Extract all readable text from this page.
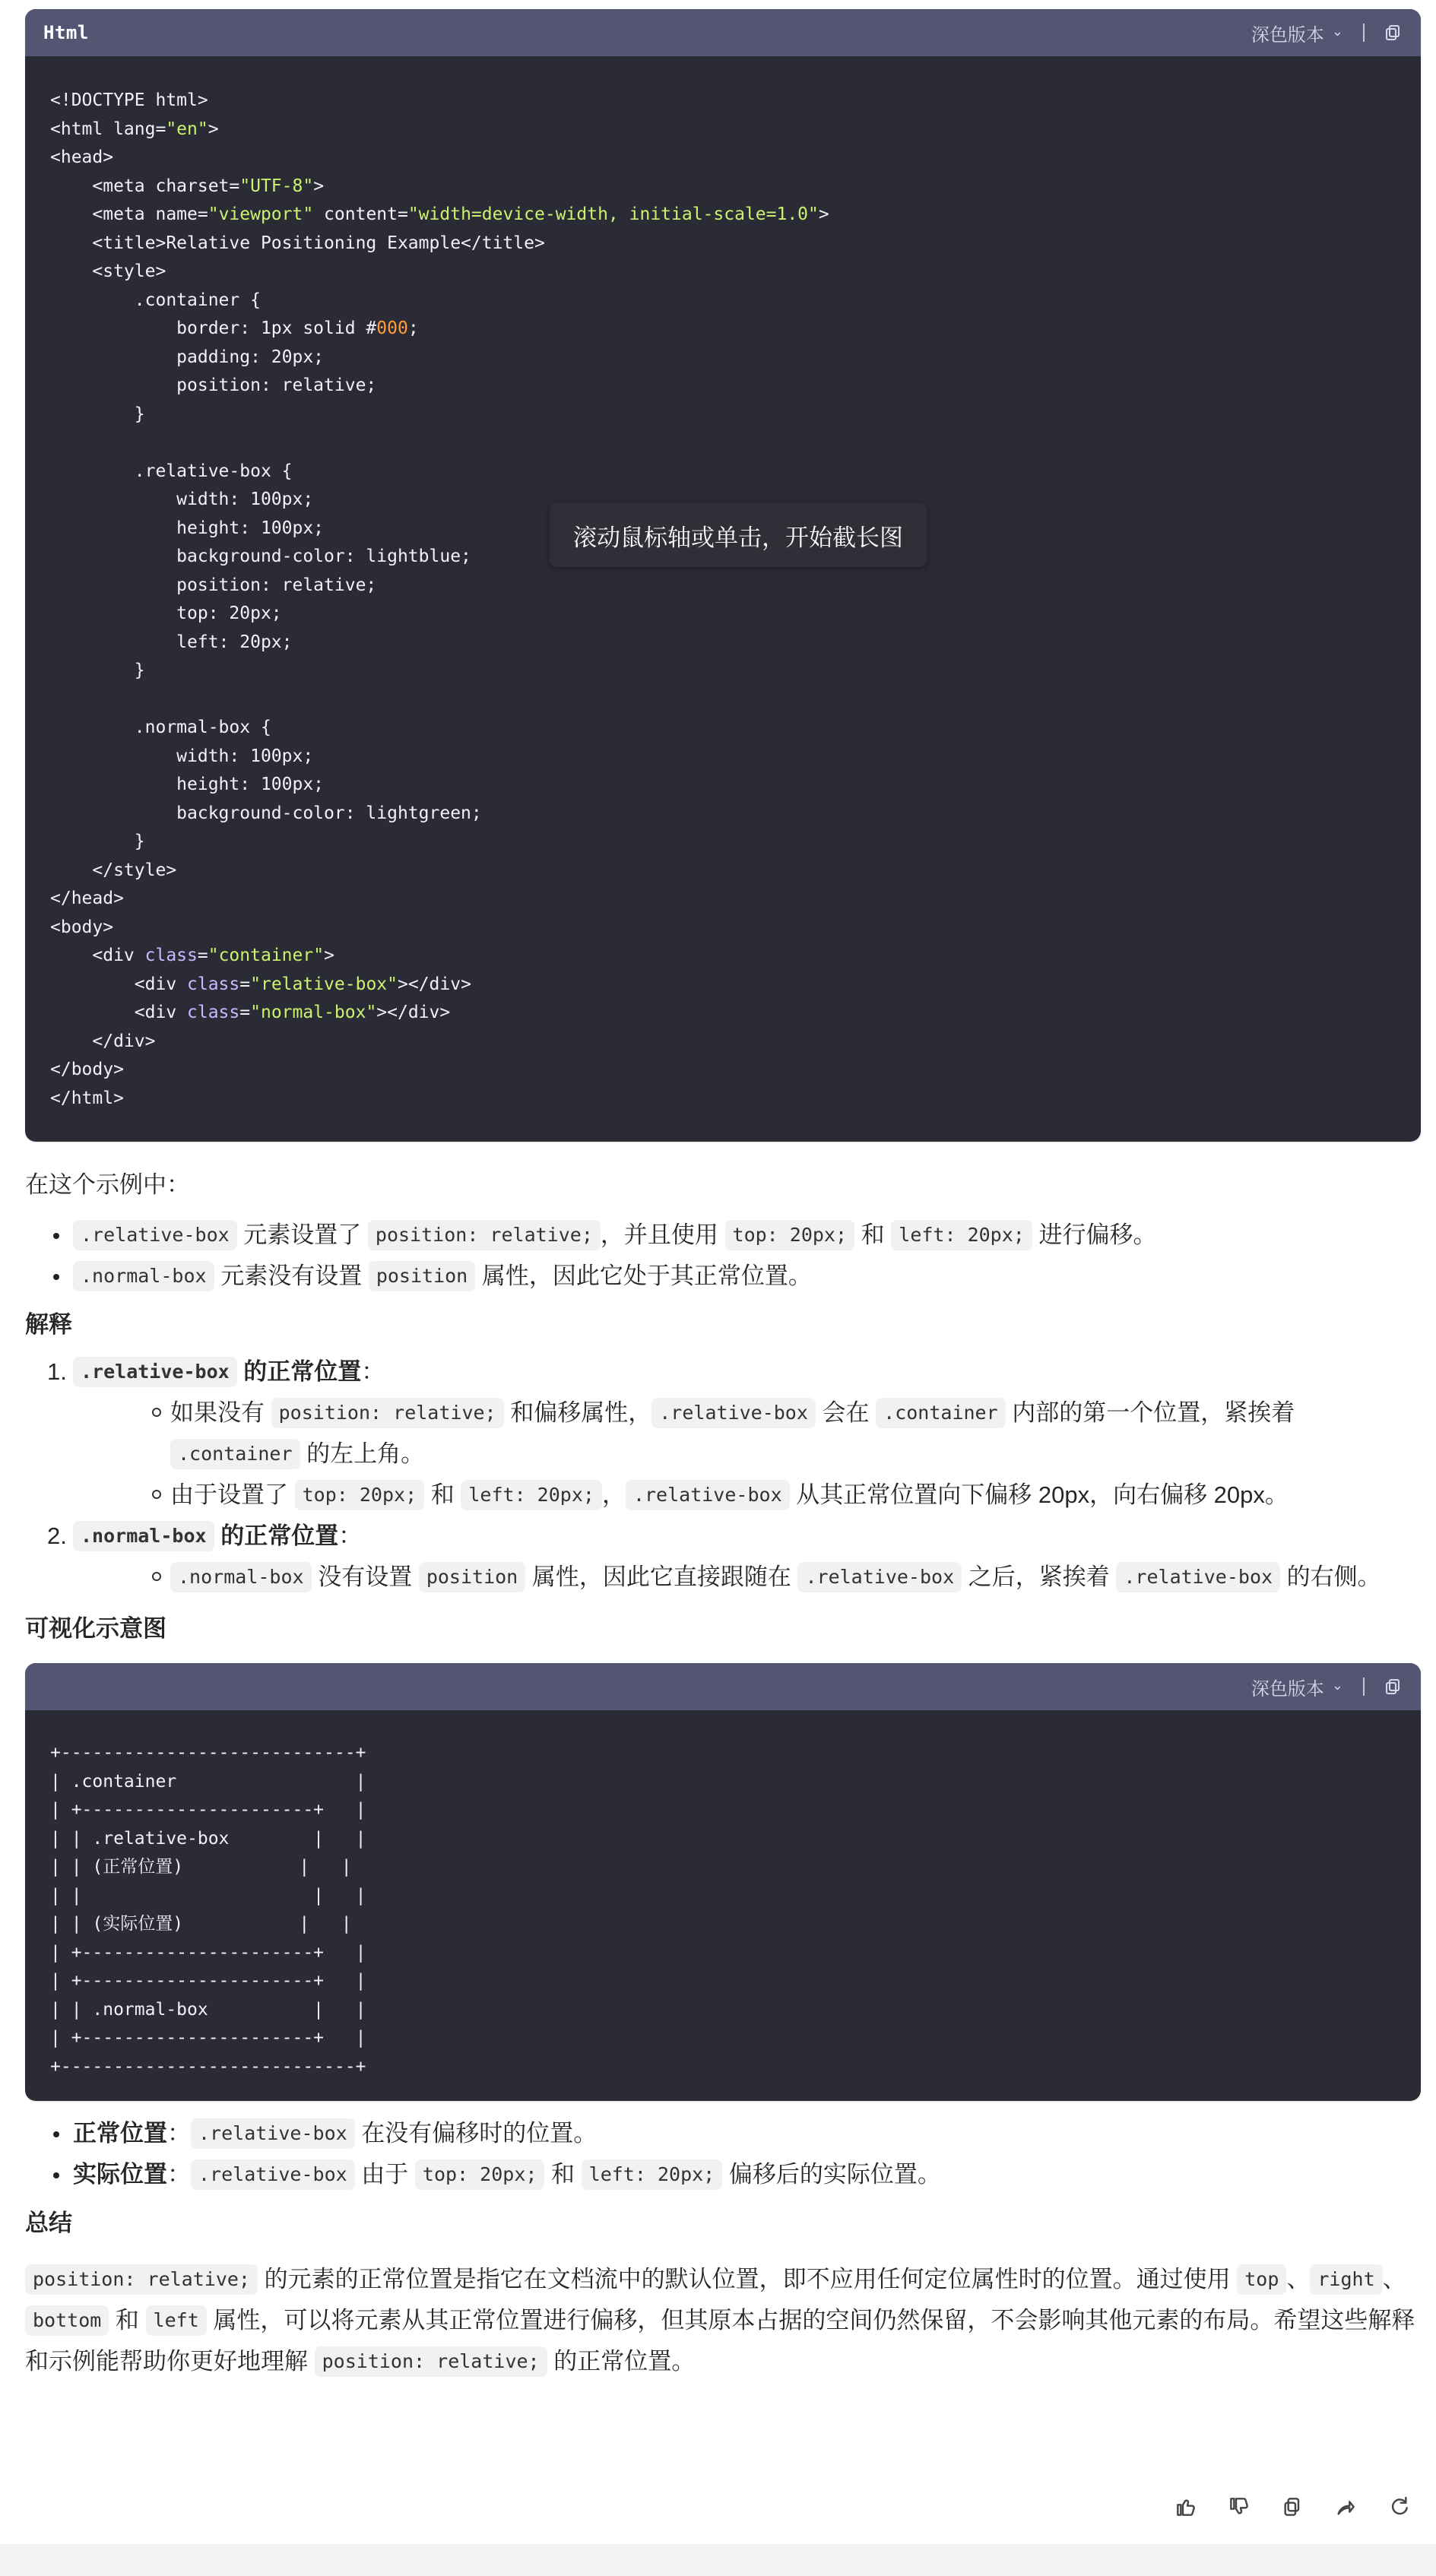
Html	深色版本 ⌄
<!DOCTYPE html>
<html lang="en">
<head>
<meta charset="UTF-8">
<meta name="viewport" content="width=device-width, initial-scale=1.0">
<title>Relative Positioning Example</title>
<style>
.container {
border: 1px solid #000;
padding: 20px;
position: relative;
}

.relative-box {
width: 100px;
height: 100px;
background-color: lightblue;
position: relative;
top: 20px;
left: 20px;
}

.normal-box {
width: 100px;
height: 100px;
background-color: lightgreen;
}
</style>
</head>
<body>
<div class="container">
<div class="relative-box"></div>
<div class="normal-box"></div>
</div>
</body>
</html>
滚动鼠标轴或单击，开始截长图
在这个示例中：
.relative-box 元素设置了 position: relative; ，并且使用 top: 20px; 和 left: 20px; 进行偏移。
.normal-box 元素没有设置 position 属性，因此它处于其正常位置。
解释
1. .relative-box 的正常位置：
如果没有 position: relative; 和偏移属性， .relative-box 会在 .container 内部的第一个位置，紧挨着 .container 的左上角。
由于设置了 top: 20px; 和 left: 20px; ， .relative-box 从其正常位置向下偏移 20px，向右偏移 20px。
2. .normal-box 的正常位置：
.normal-box 没有设置 position 属性，因此它直接跟随在 .relative-box 之后，紧挨着 .relative-box 的右侧。
可视化示意图
深色版本 ⌄
+----------------------------+
| .container                 |
| +----------------------+   |
| | .relative-box        |   |
| | (正常位置)           |   |
| |                      |   |
| | (实际位置)           |   |
| +----------------------+   |
| +----------------------+   |
| | .normal-box          |   |
| +----------------------+   |
+----------------------------+
正常位置： .relative-box 在没有偏移时的位置。
实际位置： .relative-box 由于 top: 20px; 和 left: 20px; 偏移后的实际位置。
总结
position: relative; 的元素的正常位置是指它在文档流中的默认位置，即不应用任何定位属性时的位置。通过使用 top 、 right 、bottom 和 left 属性，可以将元素从其正常位置进行偏移，但其原本占据的空间仍然保留，不会影响其他元素的布局。希望这些解释和示例能帮助你更好地理解 position: relative; 的正常位置。
